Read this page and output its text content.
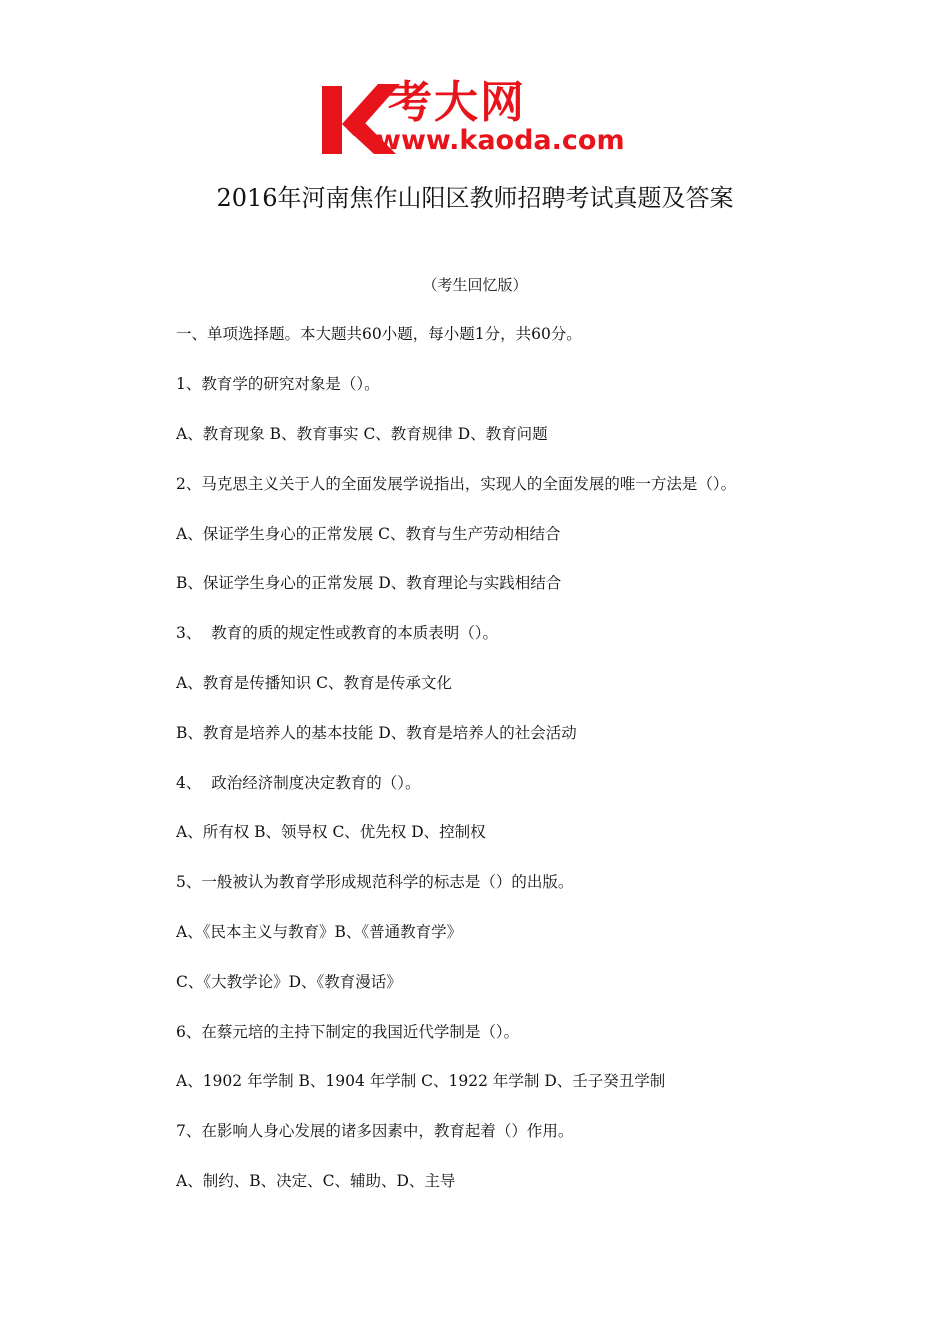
考大网
www.kaoda.com
2016年河南焦作山阳区教师招聘考试真题及答案
（考生回忆版）
一、单项选择题。本大题共60小题，每小题1分，共60分。
1、教育学的研究对象是（）。
A、教育现象 B、教育事实 C、教育规律 D、教育问题
2、马克思主义关于人的全面发展学说指出，实现人的全面发展的唯一方法是（）。
A、保证学生身心的正常发展 C、教育与生产劳动相结合
B、保证学生身心的正常发展 D、教育理论与实践相结合
3、  教育的质的规定性或教育的本质表明（）。
A、教育是传播知识 C、教育是传承文化
B、教育是培养人的基本技能 D、教育是培养人的社会活动
4、  政治经济制度决定教育的（）。
A、所有权 B、领导权 C、优先权 D、控制权
5、一般被认为教育学形成规范科学的标志是（）的出版。
A、《民本主义与教育》B、《普通教育学》
C、《大教学论》D、《教育漫话》
6、在蔡元培的主持下制定的我国近代学制是（）。
A、1902 年学制 B、1904 年学制 C、1922 年学制 D、壬子癸丑学制
7、在影响人身心发展的诸多因素中，教育起着（）作用。
A、制约、B、决定、C、辅助、D、主导
